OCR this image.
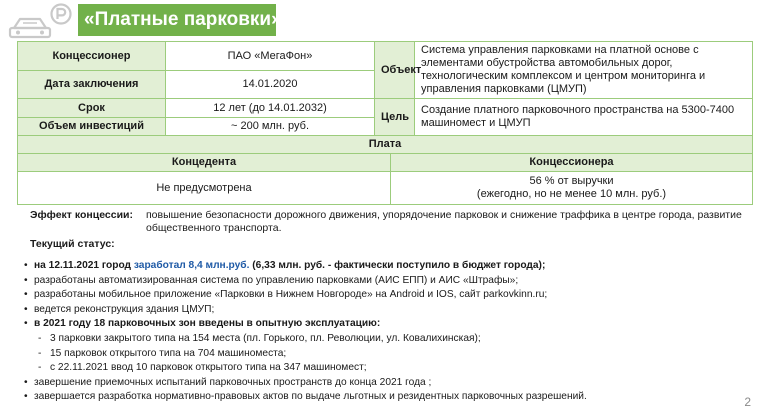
«Платные парковки»
Концессионер	ПАО «МегаФон»	Объект		Система управления парковками на платной основе с элементами обустройства автомобильных дорог, технологическим комплексом и центром мониторинга и управления парковками (ЦМУП)
Дата заключения	14.01.2020			
Срок	12 лет (до 14.01.2032)	Цель		Создание платного парковочного пространства на 5300-7400 машиномест и ЦМУП
Объем инвестиций	~ 200 млн. руб.			
Плата				
Концедента			Концессионера	
Не предусмотрена			56 % от выручки
(ежегодно, но не менее 10 млн. руб.)	
Эффект концессии: повышение безопасности дорожного движения, упорядочение парковок и снижение траффика в центре города, развитие общественного транспорта.
Текущий статус:
• на 12.11.2021 город заработал 8,4 млн.руб. (6,33 млн. руб. - фактически поступило в бюджет города);
• разработаны автоматизированная система по управлению парковками (АИС ЕПП) и АИС «Штрафы»;
• разработаны мобильное приложение «Парковки в Нижнем Новгороде» на Android и IOS, сайт parkovkinn.ru;
• ведется реконструкция здания ЦМУП;
• в 2021 году 18 парковочных зон введены в опытную эксплуатацию:
- 3 парковки закрытого типа на 154 места (пл. Горького, пл. Революции, ул. Ковалихинская);
- 15 парковок открытого типа на 704 машиноместа;
- с 22.11.2021 ввод 10 парковок открытого типа на 347 машиномест;
• завершение приемочных испытаний парковочных пространств до конца 2021 года ;
• завершается разработка нормативно-правовых актов по выдаче льготных и резидентных парковочных разрешений.	2
